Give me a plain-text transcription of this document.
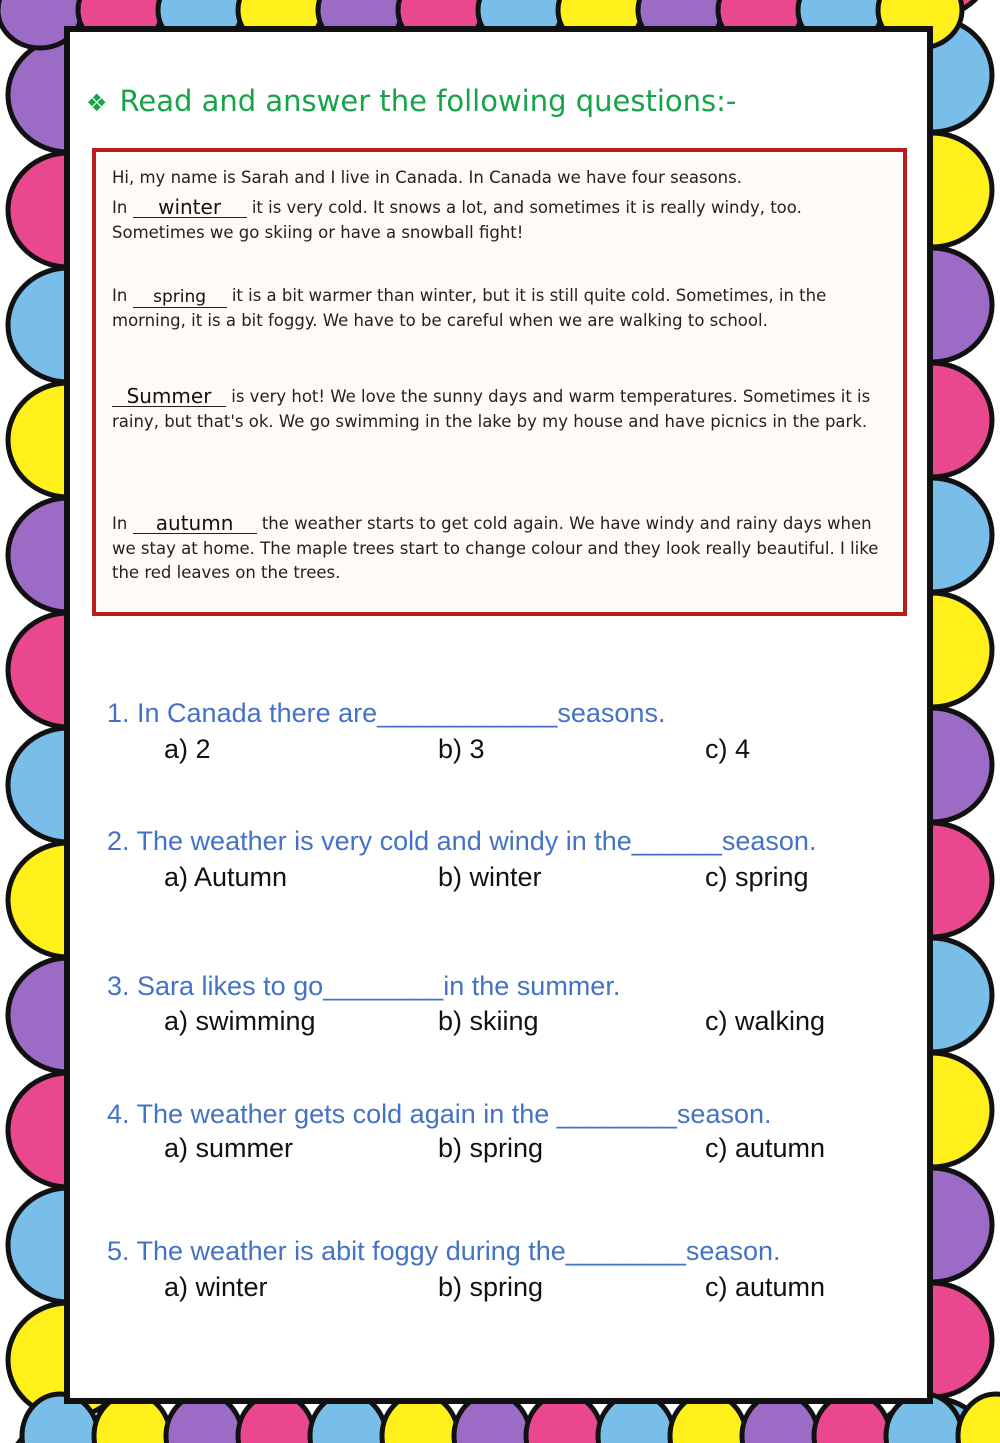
❖ Read and answer the following questions:-
Hi, my name is Sarah and I live in Canada. In Canada we have four seasons.
In winter it is very cold. It snows a lot, and sometimes it is really windy, too. Sometimes we go skiing or have a snowball fight!
In spring it is a bit warmer than winter, but it is still quite cold. Sometimes, in the morning, it is a bit foggy. We have to be careful when we are walking to school.
Summer is very hot! We love the sunny days and warm temperatures. Sometimes it is rainy, but that's ok. We go swimming in the lake by my house and have picnics in the park.
In autumn the weather starts to get cold again. We have windy and rainy days when we stay at home. The maple trees start to change colour and they look really beautiful. I like the red leaves on the trees.
1. In Canada there are____________seasons.
a) 2	b) 3	c) 4
2. The weather is very cold and windy in the______season.
a) Autumn	b) winter	c) spring
3. Sara likes to go________in the summer.
a) swimming	b) skiing	c) walking
4. The weather gets cold again in the ________season.
a) summer	b) spring	c) autumn
5. The weather is abit foggy during the________season.
a) winter	b) spring	c) autumn
